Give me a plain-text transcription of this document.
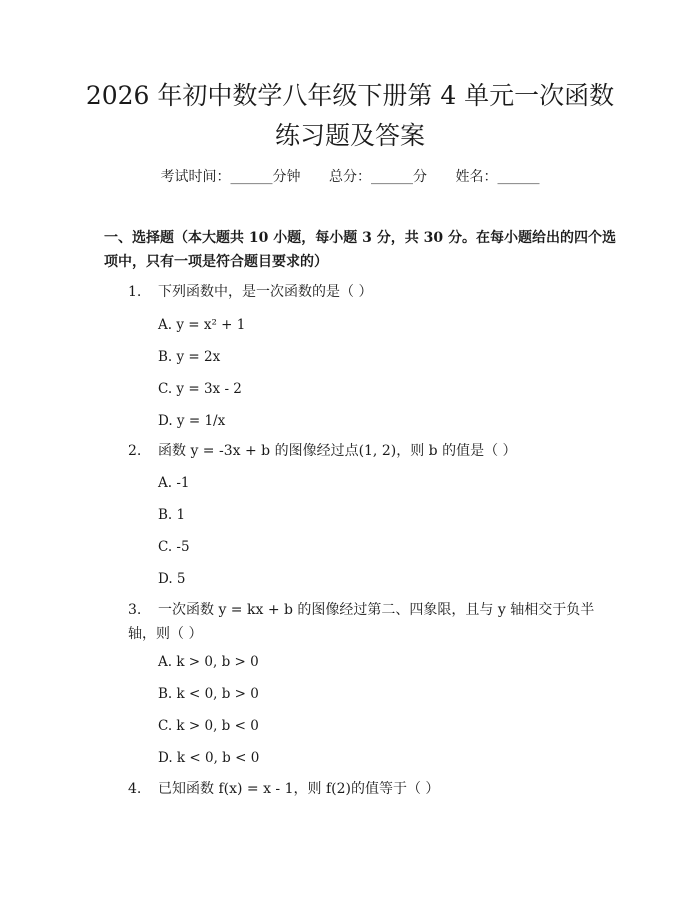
2026 年初中数学八年级下册第 4 单元一次函数练习题及答案
考试时间：______分钟 总分：______分 姓名：______

一、选择题（本大题共 10 小题，每小题 3 分，共 30 分。在每小题给出的四个选项中，只有一项是符合题目要求的）

1.	下列函数中，是一次函数的是（ ）
A. y = x² + 1
B. y = 2x
C. y = 3x - 2
D. y = 1/x
2.	函数 y = -3x + b 的图像经过点(1, 2)，则 b 的值是（ ）
A. -1
B. 1
C. -5
D. 5
3.	一次函数 y = kx + b 的图像经过第二、四象限，且与 y 轴相交于负半轴，则（ ）
A. k > 0, b > 0
B. k < 0, b > 0
C. k > 0, b < 0
D. k < 0, b < 0
4.	已知函数 f(x) = x - 1，则 f(2)的值等于（ ）
